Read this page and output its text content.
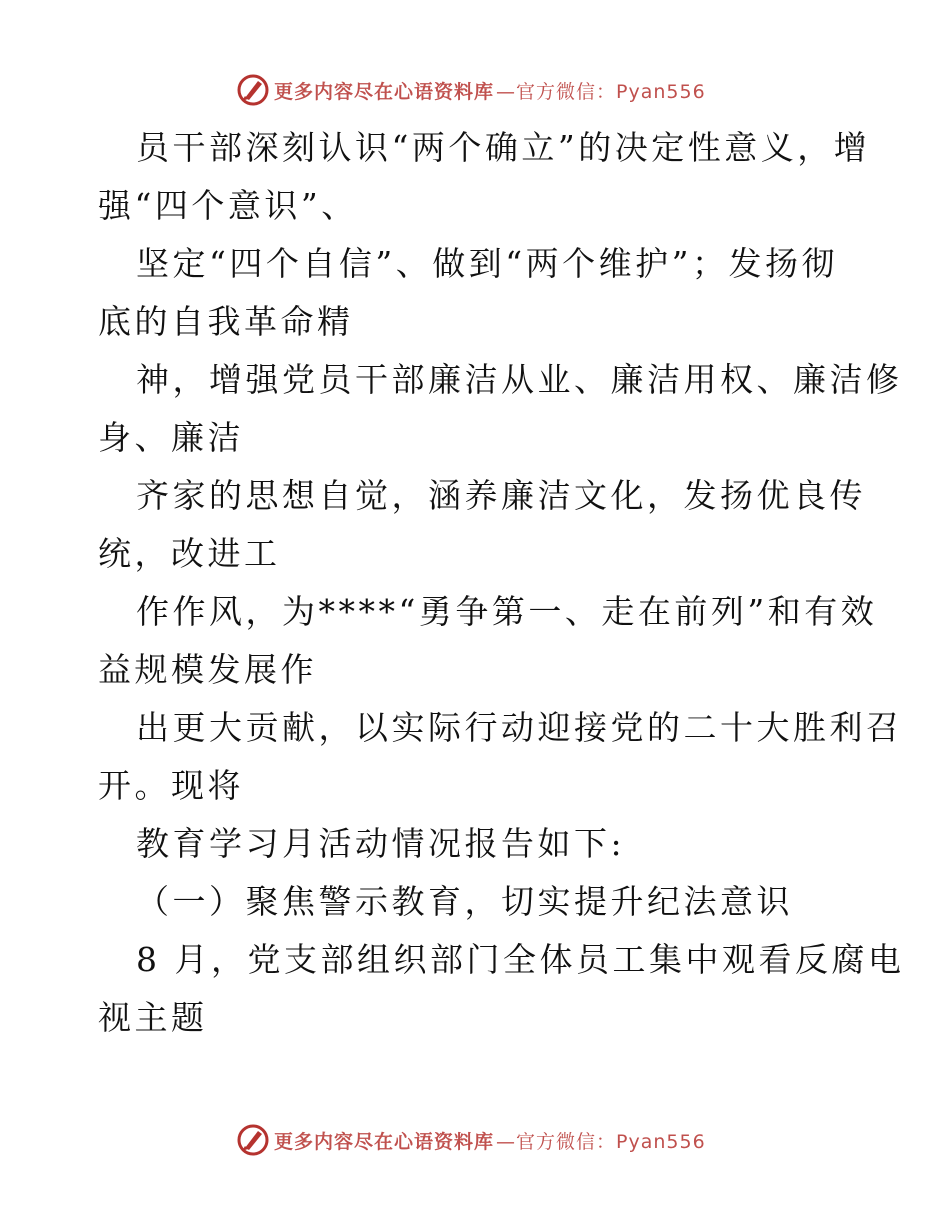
更多内容尽在心语资料库 —官方微信：Pyan556
员干部深刻认识“两个确立”的决定性意义，增
强“四个意识”、
坚定“四个自信”、做到“两个维护”；发扬彻
底的自我革命精
神，增强党员干部廉洁从业、廉洁用权、廉洁修
身、廉洁
齐家的思想自觉，涵养廉洁文化，发扬优良传
统，改进工
作作风，为****“勇争第一、走在前列”和有效
益规模发展作
出更大贡献，以实际行动迎接党的二十大胜利召
开。现将
教育学习月活动情况报告如下:
（一）聚焦警示教育，切实提升纪法意识
8 月，党支部组织部门全体员工集中观看反腐电
视主题
更多内容尽在心语资料库 —官方微信：Pyan556
